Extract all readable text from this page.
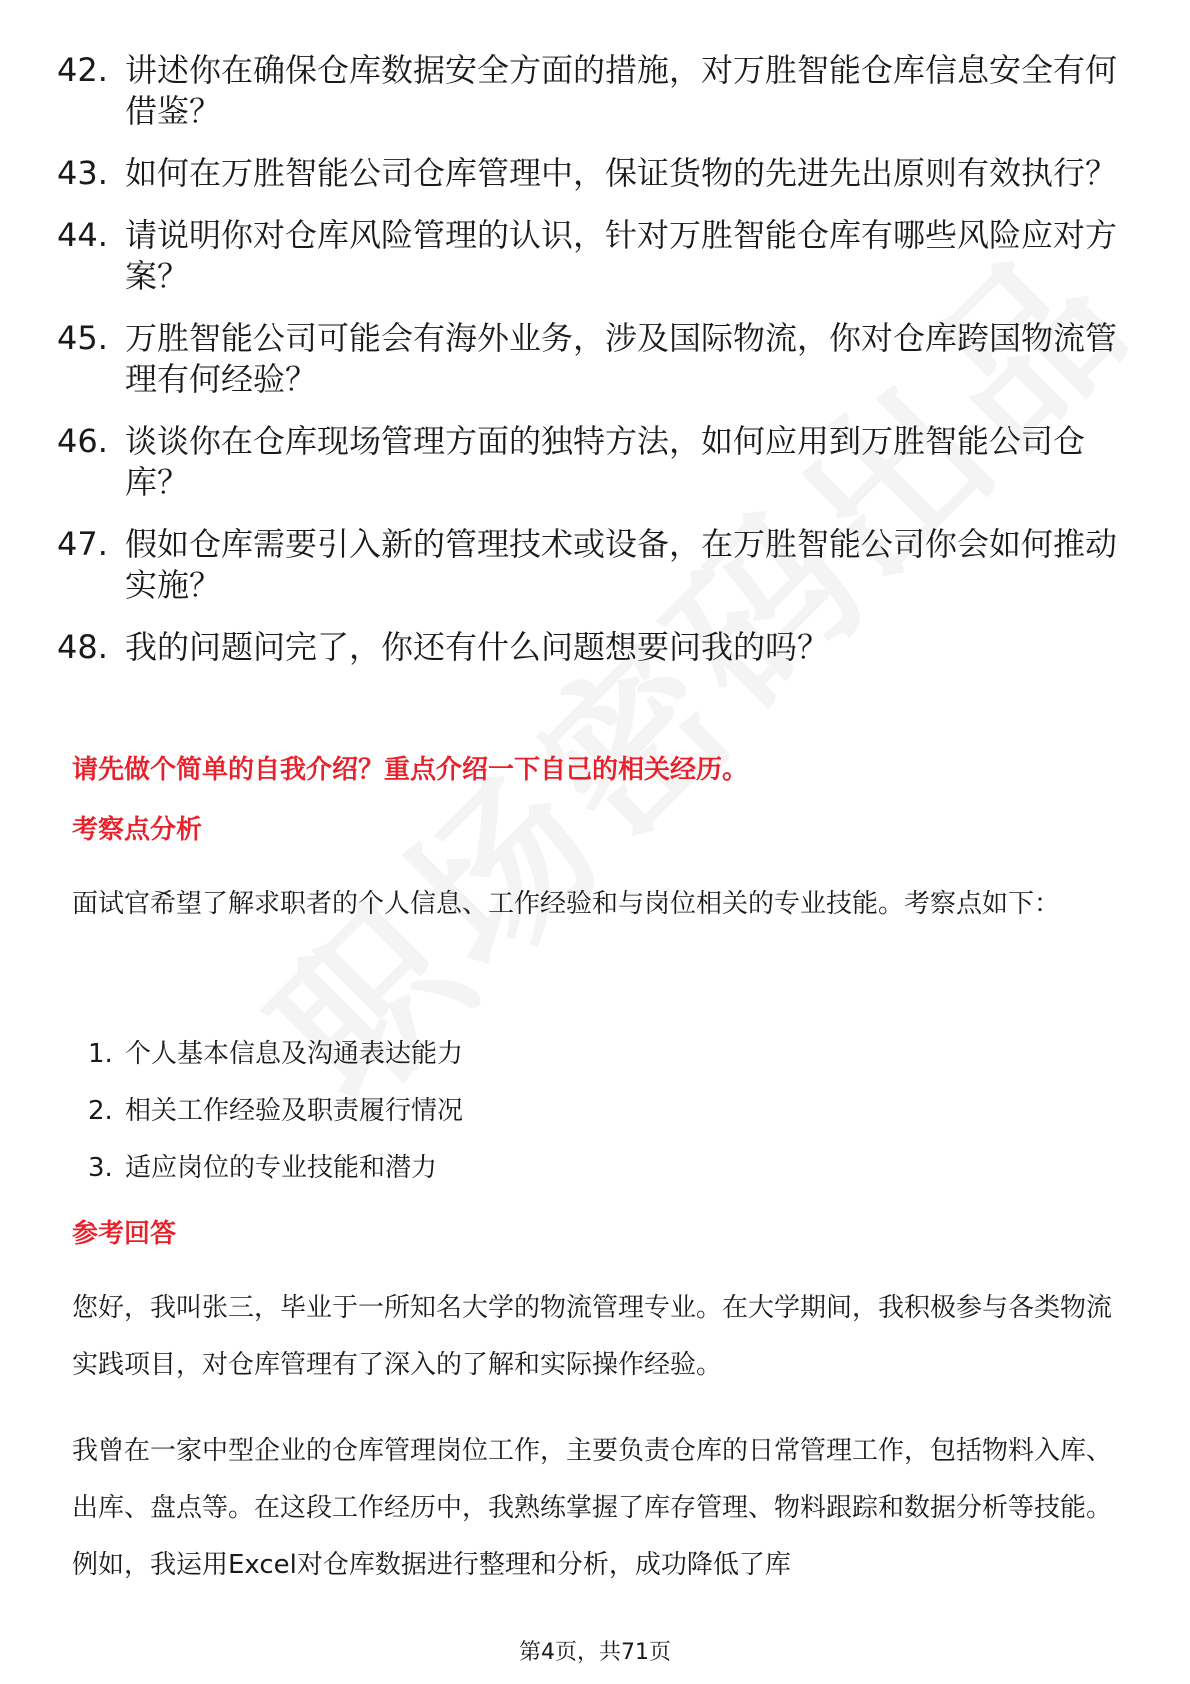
42. 讲述你在确保仓库数据安全方面的措施，对万胜智能仓库信息安全有何借鉴？
43. 如何在万胜智能公司仓库管理中，保证货物的先进先出原则有效执行？
44. 请说明你对仓库风险管理的认识，针对万胜智能仓库有哪些风险应对方案？
45. 万胜智能公司可能会有海外业务，涉及国际物流，你对仓库跨国物流管理有何经验？
46. 谈谈你在仓库现场管理方面的独特方法，如何应用到万胜智能公司仓库？
47. 假如仓库需要引入新的管理技术或设备，在万胜智能公司你会如何推动实施？
48. 我的问题问完了，你还有什么问题想要问我的吗？
请先做个简单的自我介绍？重点介绍一下自己的相关经历。
考察点分析
面试官希望了解求职者的个人信息、工作经验和与岗位相关的专业技能。考察点如下：
1. 个人基本信息及沟通表达能力
2. 相关工作经验及职责履行情况
3. 适应岗位的专业技能和潜力
参考回答
您好，我叫张三，毕业于一所知名大学的物流管理专业。在大学期间，我积极参与各类物流实践项目，对仓库管理有了深入的了解和实际操作经验。
我曾在一家中型企业的仓库管理岗位工作，主要负责仓库的日常管理工作，包括物料入库、出库、盘点等。在这段工作经历中，我熟练掌握了库存管理、物料跟踪和数据分析等技能。例如，我运用Excel对仓库数据进行整理和分析，成功降低了库
第4页，共71页
